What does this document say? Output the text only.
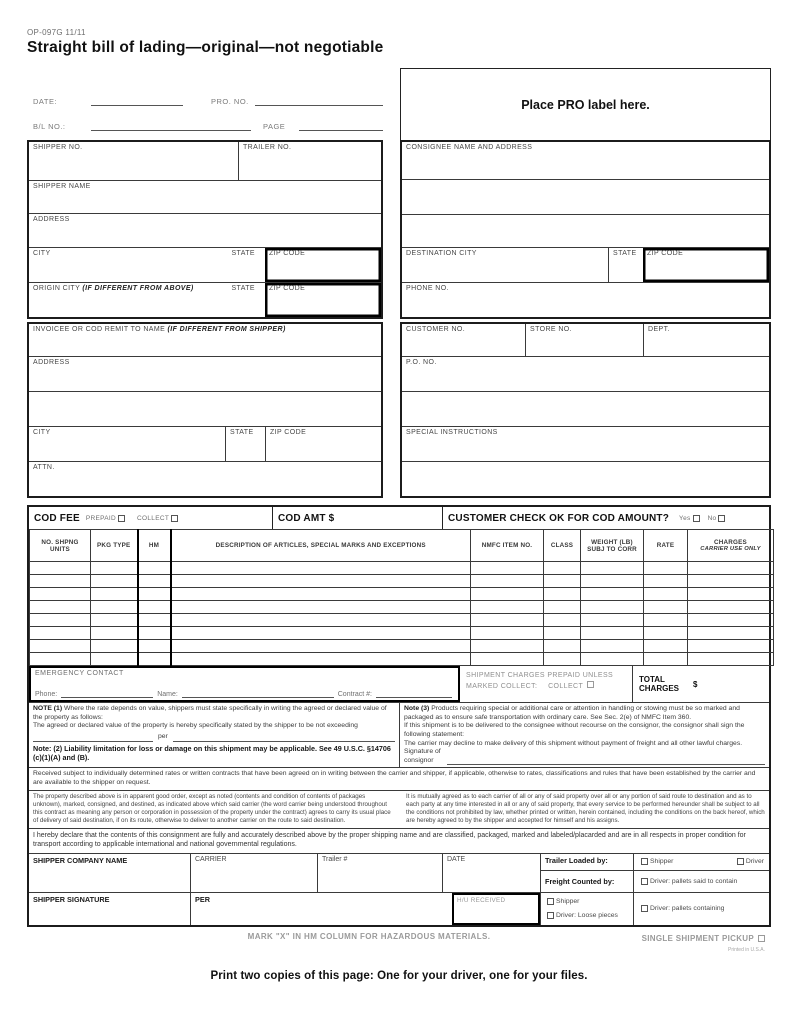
OP-097G 11/11
Straight bill of lading—original—not negotiable
DATE:	PRO. NO.
B/L NO.:	PAGE
Place PRO label here.
SHIPPER NO.	TRAILER NO.
SHIPPER NAME
ADDRESS
CITY	STATE	ZIP CODE
ORIGIN CITY (IF DIFFERENT FROM ABOVE)	STATE	ZIP CODE
INVOICEE OR COD REMIT TO NAME (IF DIFFERENT FROM SHIPPER)
ADDRESS
CITY	STATE	ZIP CODE
ATTN.
CONSIGNEE NAME AND ADDRESS
DESTINATION CITY	STATE	ZIP CODE
PHONE NO.
CUSTOMER NO.	STORE NO.	DEPT.
P.O. NO.
SPECIAL INSTRUCTIONS
COD FEE PREPAID	COLLECT	COD AMT $	CUSTOMER CHECK OK FOR COD AMOUNT? Yes	No
NO. SHPNG UNITS	PKG TYPE	HM	DESCRIPTION OF ARTICLES, SPECIAL MARKS AND EXCEPTIONS	NMFC ITEM NO.	CLASS	WEIGHT (LB) SUBJ TO CORR	RATE	CHARGES
CARRIER USE ONLY

EMERGENCY CONTACT
Phone:	Name:	Contract #:
SHIPMENT CHARGES PREPAID UNLESS
MARKED COLLECT: COLLECT
TOTAL
CHARGES $
NOTE (1) Where the rate depends on value, shippers must state specifically in writing the agreed or declared value of the property as follows:
The agreed or declared value of the property is hereby specifically stated by the shipper to be not exceeding
per
Note: (2) Liability limitation for loss or damage on this shipment may be applicable. See 49 U.S.C. §14706 (c)(1)(A) and (B).
Note (3) Products requiring special or additional care or attention in handling or stowing must be so marked and packaged as to ensure safe transportation with ordinary care. See Sec. 2(e) of NMFC Item 360.
If this shipment is to be delivered to the consignee without recourse on the consignor, the consignor shall sign the following statement:
The carrier may decline to make delivery of this shipment without payment of freight and all other lawful charges.
Signature of
consignor
Received subject to individually determined rates or written contracts that have been agreed on in writing between the carrier and shipper, if applicable, otherwise to rates, classifications and rules that have been established by the carrier and are available to the shipper on request.
The property described above is in apparent good order, except as noted (contents and condition of contents of packages unknown), marked, consigned, and destined, as indicated above which said carrier (the word carrier being understood throughout this contract as meaning any person or corporation in possession of the property under the contract) agrees to carry its usual place of delivery of said destination, if on its route, otherwise to deliver to another carrier on the route to said destination.
It is mutually agreed as to each carrier of all or any of said property over all or any portion of said route to destination and as to each party at any time interested in all or any of said property, that every service to be performed hereunder shall be subject to all the conditions not prohibited by law, whether printed or written, herein contained, including the conditions on the back hereof, which are hereby agreed to by the shipper and accepted for himself and his assigns.
I hereby declare that the contents of this consignment are fully and accurately described above by the proper shipping name and are classified, packaged, marked and labeled/placarded and are in all respects in proper condition for transport according to applicable international and national governmental regulations.
SHIPPER COMPANY NAME	CARRIER	Trailer #	DATE
SHIPPER SIGNATURE	PER	H/U RECEIVED
Trailer Loaded by:	Shipper	Driver
Freight Counted by:	Driver: pallets said to contain
Shipper
Driver: Loose pieces
Driver: pallets containing
MARK "X" IN HM COLUMN FOR HAZARDOUS MATERIALS.	SINGLE SHIPMENT PICKUP
Printed in U.S.A.
Print two copies of this page: One for your driver, one for your files.
